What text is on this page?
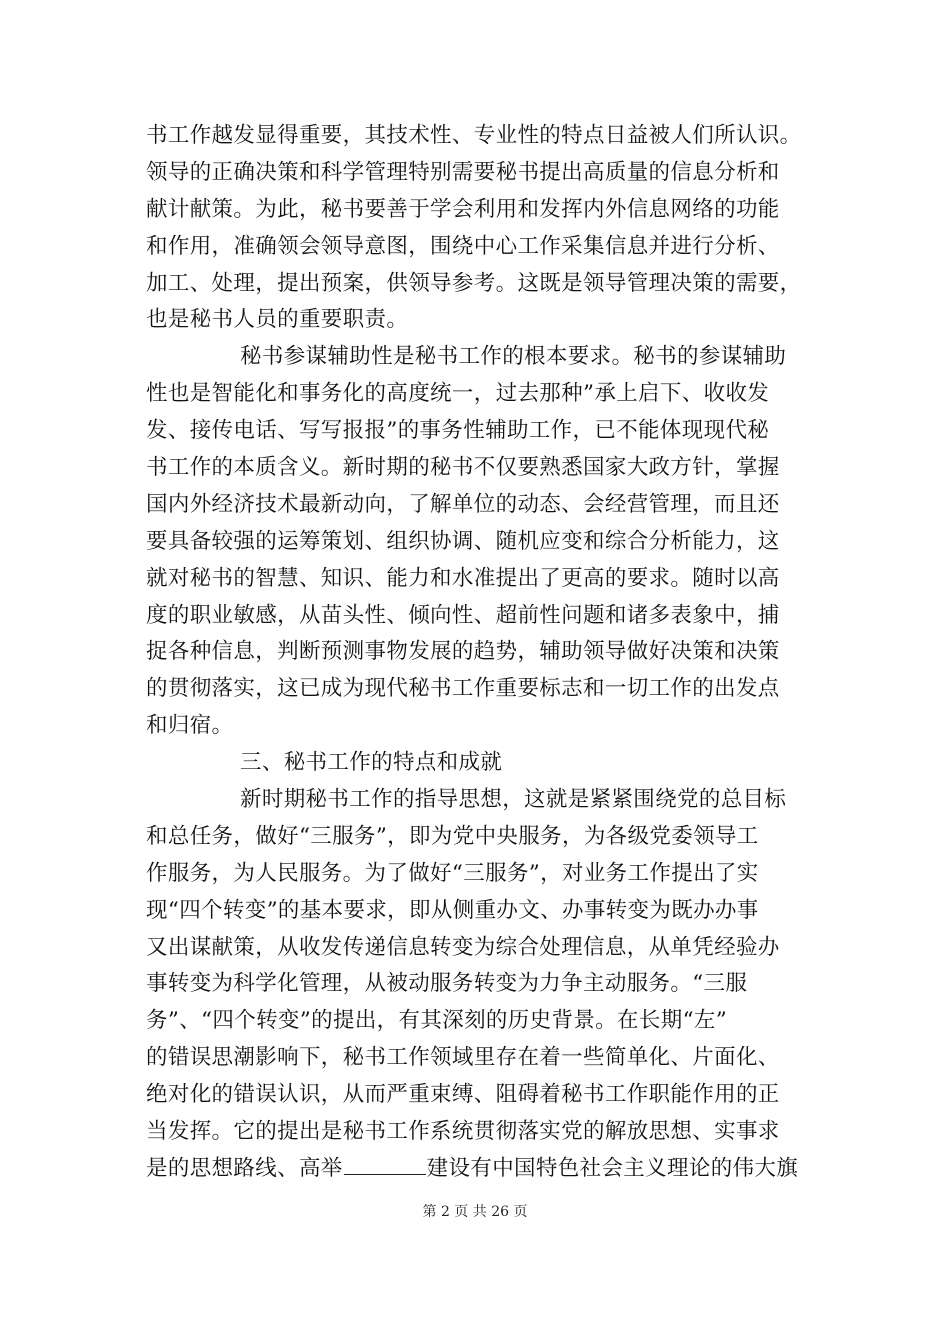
书工作越发显得重要，其技术性、专业性的特点日益被人们所认识。
领导的正确决策和科学管理特别需要秘书提出高质量的信息分析和
献计献策。为此，秘书要善于学会利用和发挥内外信息网络的功能
和作用，准确领会领导意图，围绕中心工作采集信息并进行分析、
加工、处理，提出预案，供领导参考。这既是领导管理决策的需要，
也是秘书人员的重要职责。
秘书参谋辅助性是秘书工作的根本要求。秘书的参谋辅助
性也是智能化和事务化的高度统一，过去那种”承上启下、收收发
发、接传电话、写写报报”的事务性辅助工作，已不能体现现代秘
书工作的本质含义。新时期的秘书不仅要熟悉国家大政方针，掌握
国内外经济技术最新动向，了解单位的动态、会经营管理，而且还
要具备较强的运筹策划、组织协调、随机应变和综合分析能力，这
就对秘书的智慧、知识、能力和水准提出了更高的要求。随时以高
度的职业敏感，从苗头性、倾向性、超前性问题和诸多表象中，捕
捉各种信息，判断预测事物发展的趋势，辅助领导做好决策和决策
的贯彻落实，这已成为现代秘书工作重要标志和一切工作的出发点
和归宿。
三、秘书工作的特点和成就
新时期秘书工作的指导思想，这就是紧紧围绕党的总目标
和总任务，做好“三服务”，即为党中央服务，为各级党委领导工
作服务，为人民服务。为了做好“三服务”，对业务工作提出了实
现“四个转变”的基本要求，即从侧重办文、办事转变为既办办事
又出谋献策，从收发传递信息转变为综合处理信息，从单凭经验办
事转变为科学化管理，从被动服务转变为力争主动服务。“三服
务”、“四个转变”的提出，有其深刻的历史背景。在长期“左”
的错误思潮影响下，秘书工作领域里存在着一些简单化、片面化、
绝对化的错误认识，从而严重束缚、阻碍着秘书工作职能作用的正
当发挥。它的提出是秘书工作系统贯彻落实党的解放思想、实事求
是的思想路线、高举	建设有中国特色社会主义理论的伟大旗
第 2 页 共 26 页
